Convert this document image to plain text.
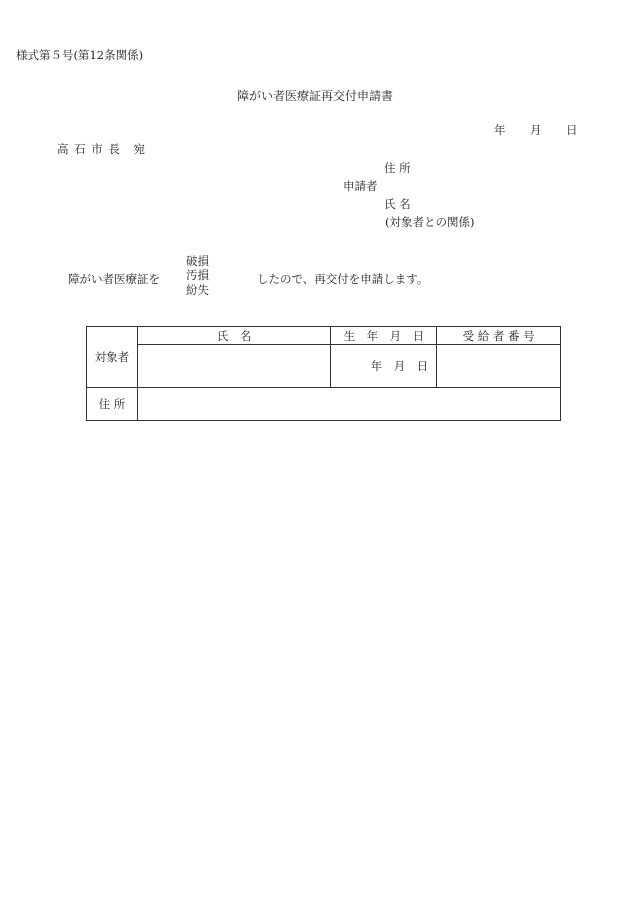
様式第５号(第12条関係)
障がい者医療証再交付申請書
年 月 日
高 石 市 長　宛
住 所
申請者
氏 名
(対象者との関係)
障がい者医療証を
破損
汚損
紛失
したので、再交付を申請します。
対象者	氏　名	生　年　月　日	受 給 者 番 号
		年　月　日	
住 所			
